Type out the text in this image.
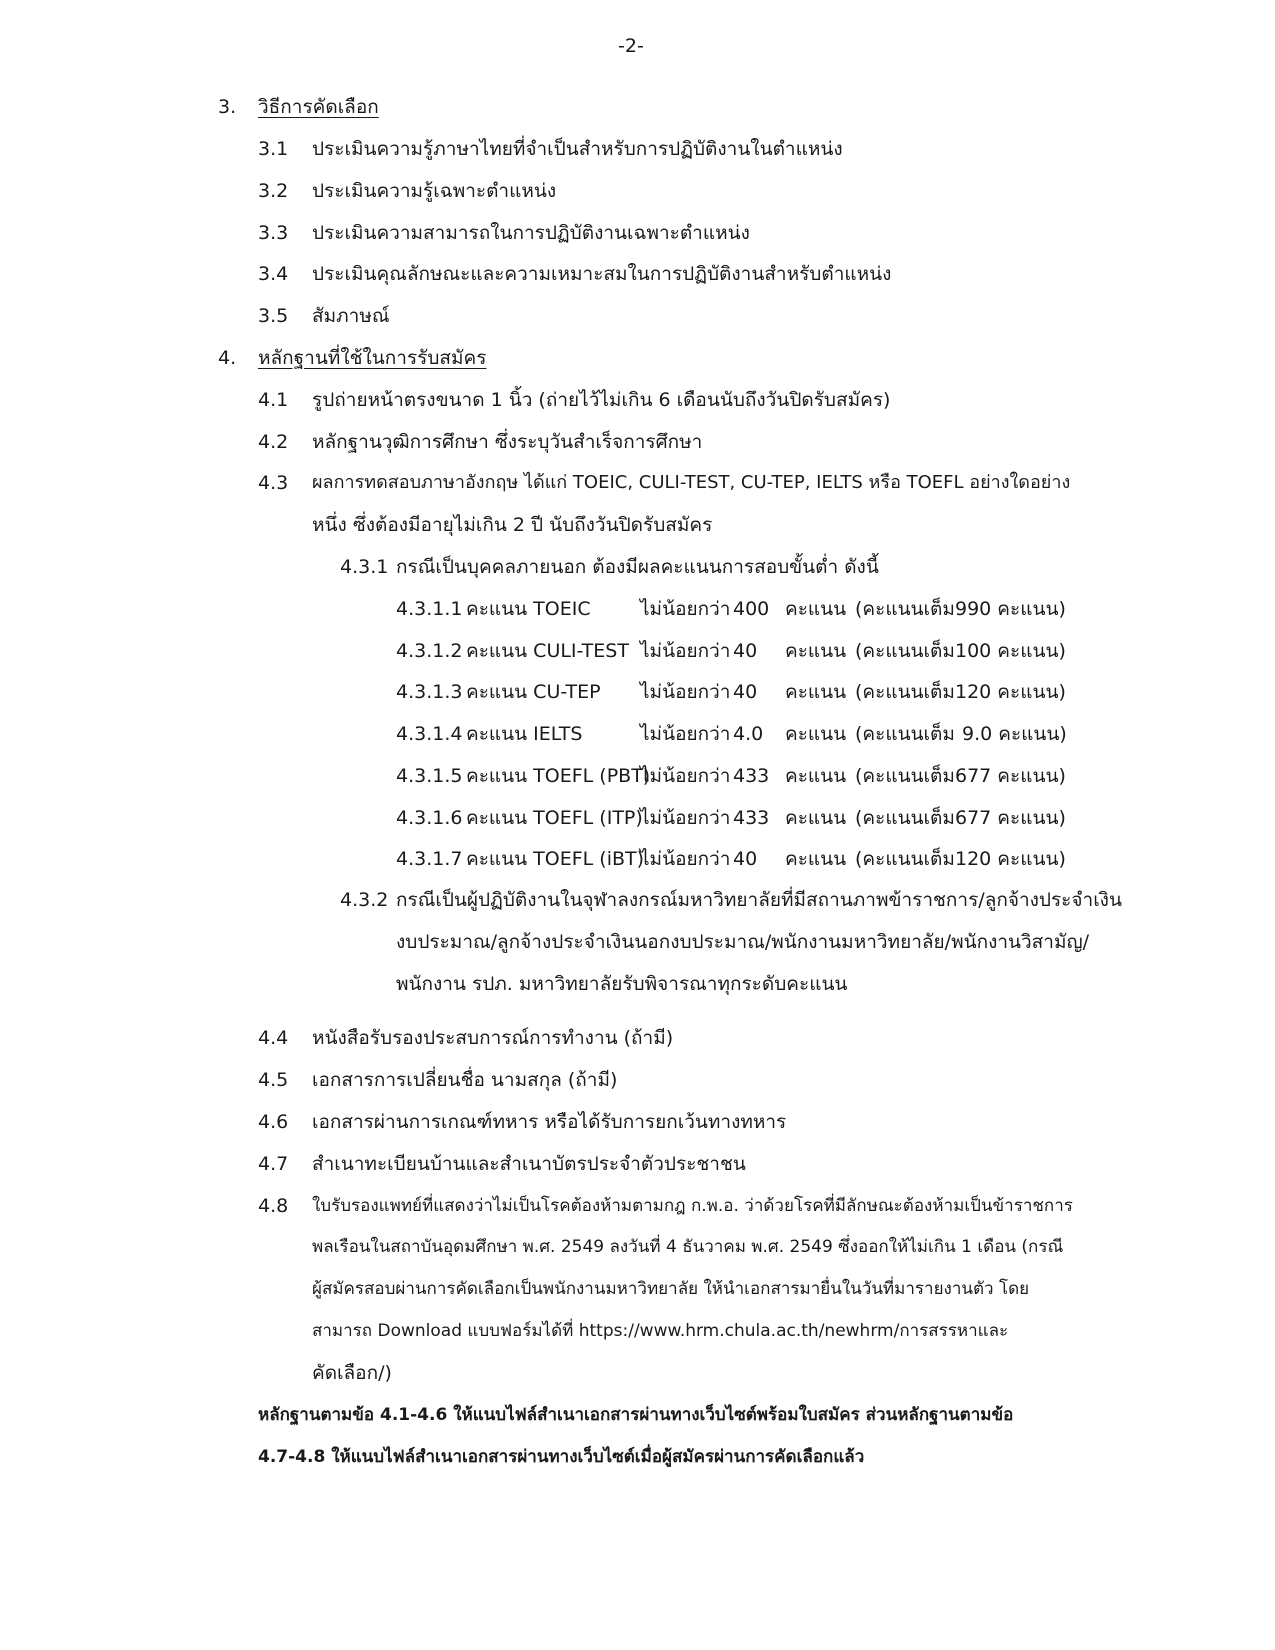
-2-
3. วิธีการคัดเลือก
3.1 ประเมินความรู้ภาษาไทยที่จำเป็นสำหรับการปฏิบัติงานในตำแหน่ง
3.2 ประเมินความรู้เฉพาะตำแหน่ง
3.3 ประเมินความสามารถในการปฏิบัติงานเฉพาะตำแหน่ง
3.4 ประเมินคุณลักษณะและความเหมาะสมในการปฏิบัติงานสำหรับตำแหน่ง
3.5 สัมภาษณ์
4. หลักฐานที่ใช้ในการรับสมัคร
4.1 รูปถ่ายหน้าตรงขนาด 1 นิ้ว (ถ่ายไว้ไม่เกิน 6 เดือนนับถึงวันปิดรับสมัคร)
4.2 หลักฐานวุฒิการศึกษา ซึ่งระบุวันสำเร็จการศึกษา
4.3 ผลการทดสอบภาษาอังกฤษ ได้แก่ TOEIC, CULI-TEST, CU-TEP, IELTS หรือ TOEFL อย่างใดอย่าง
หนึ่ง ซึ่งต้องมีอายุไม่เกิน 2 ปี นับถึงวันปิดรับสมัคร
4.3.1 กรณีเป็นบุคคลภายนอก ต้องมีผลคะแนนการสอบขั้นต่ำ ดังนี้
4.3.1.1 คะแนน TOEIC	ไม่น้อยกว่า 400 คะแนน (คะแนนเต็ม 990 คะแนน)
4.3.1.2 คะแนน CULI-TEST ไม่น้อยกว่า 40 คะแนน (คะแนนเต็ม 100 คะแนน)
4.3.1.3 คะแนน CU-TEP ไม่น้อยกว่า 40 คะแนน (คะแนนเต็ม 120 คะแนน)
4.3.1.4 คะแนน IELTS	ไม่น้อยกว่า 4.0 คะแนน (คะแนนเต็ม 9.0 คะแนน)
4.3.1.5 คะแนน TOEFL (PBT)
ไม่น้อยกว่า 433 คะแนน (คะแนนเต็ม 677 คะแนน)
4.3.1.6 คะแนน TOEFL (ITP)
ไม่น้อยกว่า 433 คะแนน (คะแนนเต็ม 677 คะแนน)
4.3.1.7 คะแนน TOEFL (iBT)
ไม่น้อยกว่า 40 คะแนน (คะแนนเต็ม 120 คะแนน)
4.3.2 กรณีเป็นผู้ปฏิบัติงานในจุฬาลงกรณ์มหาวิทยาลัยที่มีสถานภาพข้าราชการ/ลูกจ้างประจำเงิน
งบประมาณ/ลูกจ้างประจำเงินนอกงบประมาณ/พนักงานมหาวิทยาลัย/พนักงานวิสามัญ/
พนักงาน รปภ. มหาวิทยาลัยรับพิจารณาทุกระดับคะแนน
4.4 หนังสือรับรองประสบการณ์การทำงาน (ถ้ามี)
4.5 เอกสารการเปลี่ยนชื่อ นามสกุล (ถ้ามี)
4.6 เอกสารผ่านการเกณฑ์ทหาร หรือได้รับการยกเว้นทางทหาร
4.7 สำเนาทะเบียนบ้านและสำเนาบัตรประจำตัวประชาชน
4.8 ใบรับรองแพทย์ที่แสดงว่าไม่เป็นโรคต้องห้ามตามกฎ ก.พ.อ. ว่าด้วยโรคที่มีลักษณะต้องห้ามเป็นข้าราชการ
พลเรือนในสถาบันอุดมศึกษา พ.ศ. 2549 ลงวันที่ 4 ธันวาคม พ.ศ. 2549 ซึ่งออกให้ไม่เกิน 1 เดือน (กรณี
ผู้สมัครสอบผ่านการคัดเลือกเป็นพนักงานมหาวิทยาลัย ให้นำเอกสารมายื่นในวันที่มารายงานตัว โดย
สามารถ Download แบบฟอร์มได้ที่ https://www.hrm.chula.ac.th/newhrm/การสรรหาและ
คัดเลือก/)
หลักฐานตามข้อ 4.1-4.6 ให้แนบไฟล์สำเนาเอกสารผ่านทางเว็บไซต์พร้อมใบสมัคร ส่วนหลักฐานตามข้อ
4.7-4.8 ให้แนบไฟล์สำเนาเอกสารผ่านทางเว็บไซต์เมื่อผู้สมัครผ่านการคัดเลือกแล้ว
